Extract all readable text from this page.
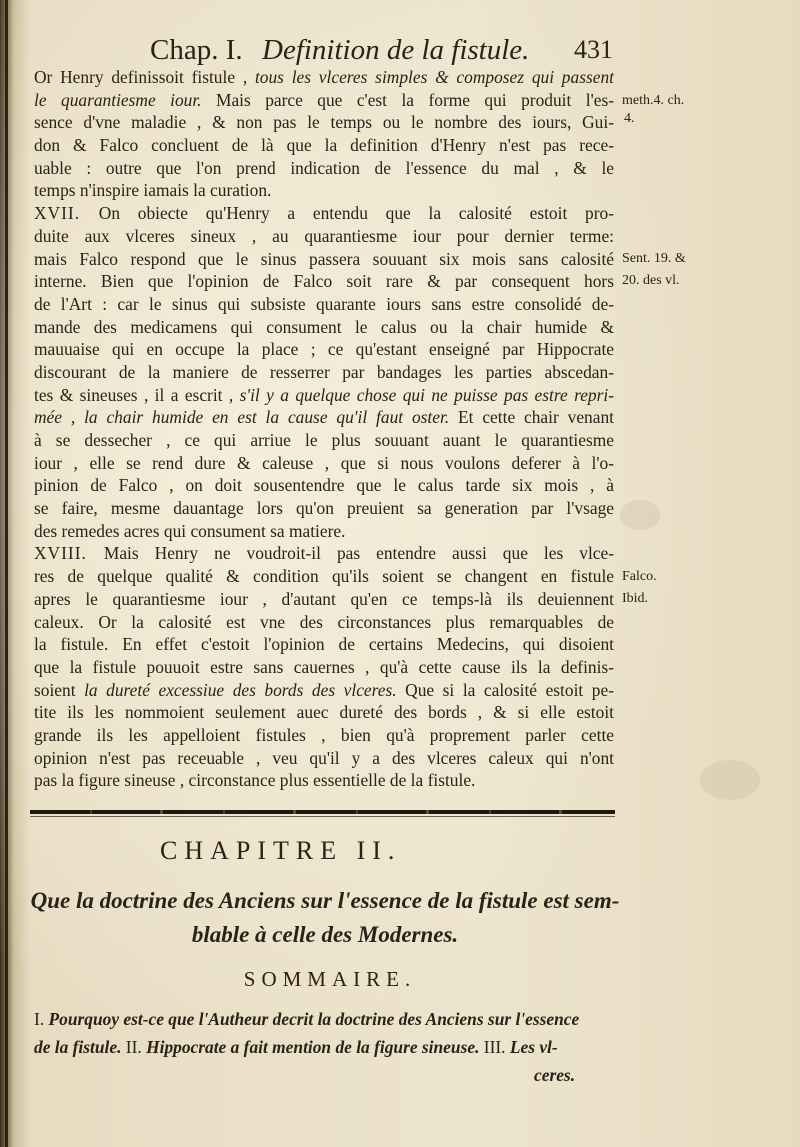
Chap. I. Definition de la fistule. 431
Or Henry definissoit fistule , tous les vlceres simples & composez qui passent
le quarantiesme iour. Mais parce que c'est la forme qui produit l'es-
sence d'vne maladie , & non pas le temps ou le nombre des iours, Gui-
don & Falco concluent de là que la definition d'Henry n'est pas rece-
uable : outre que l'on prend indication de l'essence du mal , & le
temps n'inspire iamais la curation.
XVII. On obiecte qu'Henry a entendu que la calosité estoit pro-
duite aux vlceres sineux , au quarantiesme iour pour dernier terme:
mais Falco respond que le sinus passera souuant six mois sans calosité
interne. Bien que l'opinion de Falco soit rare & par consequent hors
de l'Art : car le sinus qui subsiste quarante iours sans estre consolidé de-
mande des medicamens qui consument le calus ou la chair humide &
mauuaise qui en occupe la place ; ce qu'estant enseigné par Hippocrate
discourant de la maniere de resserrer par bandages les parties abscedan-
tes & sineuses , il a escrit , s'il y a quelque chose qui ne puisse pas estre repri-
mée , la chair humide en est la cause qu'il faut oster. Et cette chair venant
à se dessecher , ce qui arriue le plus souuant auant le quarantiesme
iour , elle se rend dure & caleuse , que si nous voulons deferer à l'o-
pinion de Falco , on doit sousentendre que le calus tarde six mois , à
se faire, mesme dauantage lors qu'on preuient sa generation par l'vsage
des remedes acres qui consument sa matiere.
XVIII. Mais Henry ne voudroit-il pas entendre aussi que les vlce-
res de quelque qualité & condition qu'ils soient se changent en fistule
apres le quarantiesme iour , d'autant qu'en ce temps-là ils deuiennent
caleux. Or la calosité est vne des circonstances plus remarquables de
la fistule. En effet c'estoit l'opinion de certains Medecins, qui disoient
que la fistule pouuoit estre sans cauernes , qu'à cette cause ils la definis-
soient la dureté excessiue des bords des vlceres. Que si la calosité estoit pe-
tite ils les nommoient seulement auec dureté des bords , & si elle estoit
grande ils les appelloient fistules , bien qu'à proprement parler cette
opinion n'est pas receuable , veu qu'il y a des vlceres caleux qui n'ont
pas la figure sineuse , circonstance plus essentielle de la fistule.
meth.4. ch.
4.
Sent. 19. &
20. des vl.
Falco.
Ibid.
CHAPITRE II.
Que la doctrine des Anciens sur l'essence de la fistule est sem-
blable à celle des Modernes.
SOMMAIRE.
I. Pourquoy est-ce que l'Autheur decrit la doctrine des Anciens sur l'essence
de la fistule. II. Hippocrate a fait mention de la figure sineuse. III. Les vl-
ceres.
